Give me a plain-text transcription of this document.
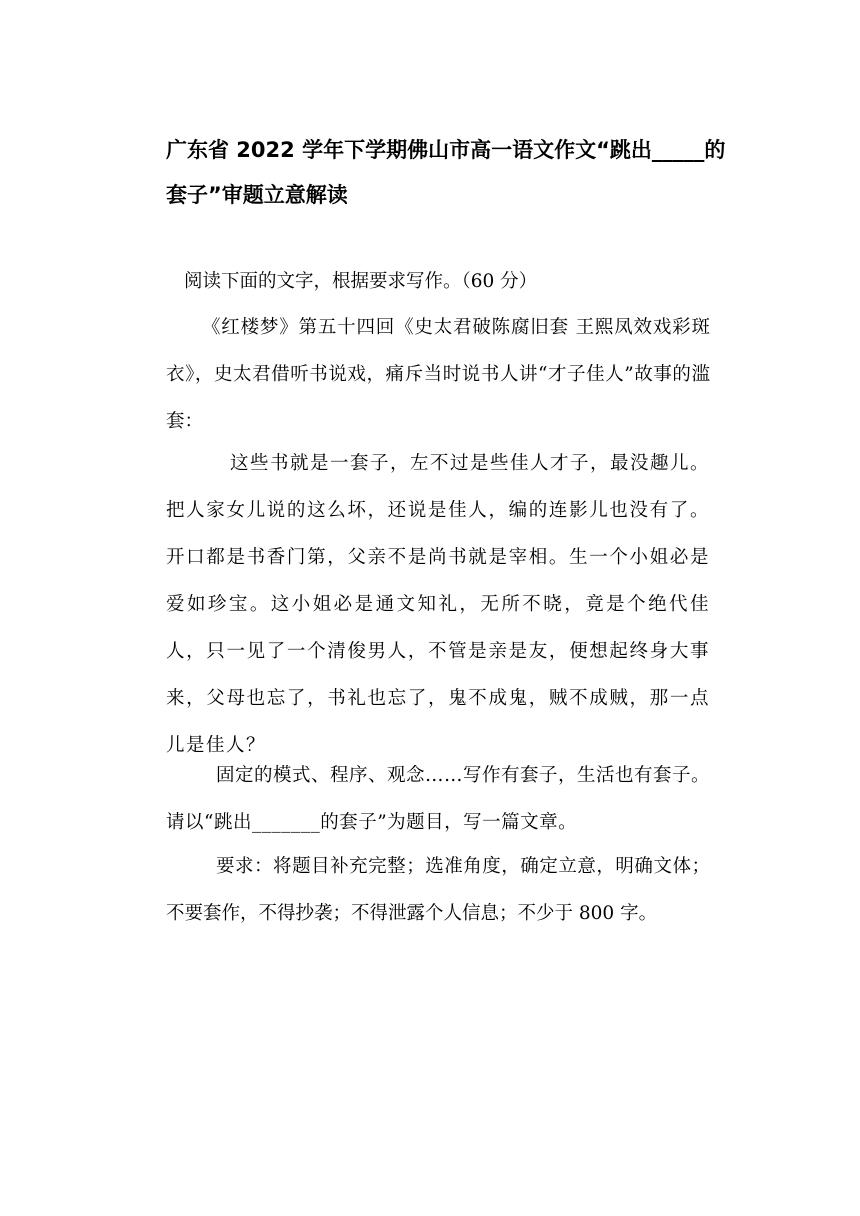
广东省 2022 学年下学期佛山市高一语文作文“跳出_____的套子”审题立意解读

阅读下面的文字，根据要求写作。（60 分）

《红楼梦》第五十四回《史太君破陈腐旧套 王熙凤效戏彩斑衣》，史太君借听书说戏，痛斥当时说书人讲“才子佳人”故事的滥套：

这些书就是一套子，左不过是些佳人才子，最没趣儿。把人家女儿说的这么坏，还说是佳人，编的连影儿也没有了。开口都是书香门第，父亲不是尚书就是宰相。生一个小姐必是爱如珍宝。这小姐必是通文知礼，无所不晓，竟是个绝代佳人，只一见了一个清俊男人，不管是亲是友，便想起终身大事来，父母也忘了，书礼也忘了，鬼不成鬼，贼不成贼，那一点儿是佳人？

固定的模式、程序、观念……写作有套子，生活也有套子。请以“跳出_______的套子”为题目，写一篇文章。

要求：将题目补充完整；选准角度，确定立意，明确文体；不要套作，不得抄袭；不得泄露个人信息；不少于 800 字。
